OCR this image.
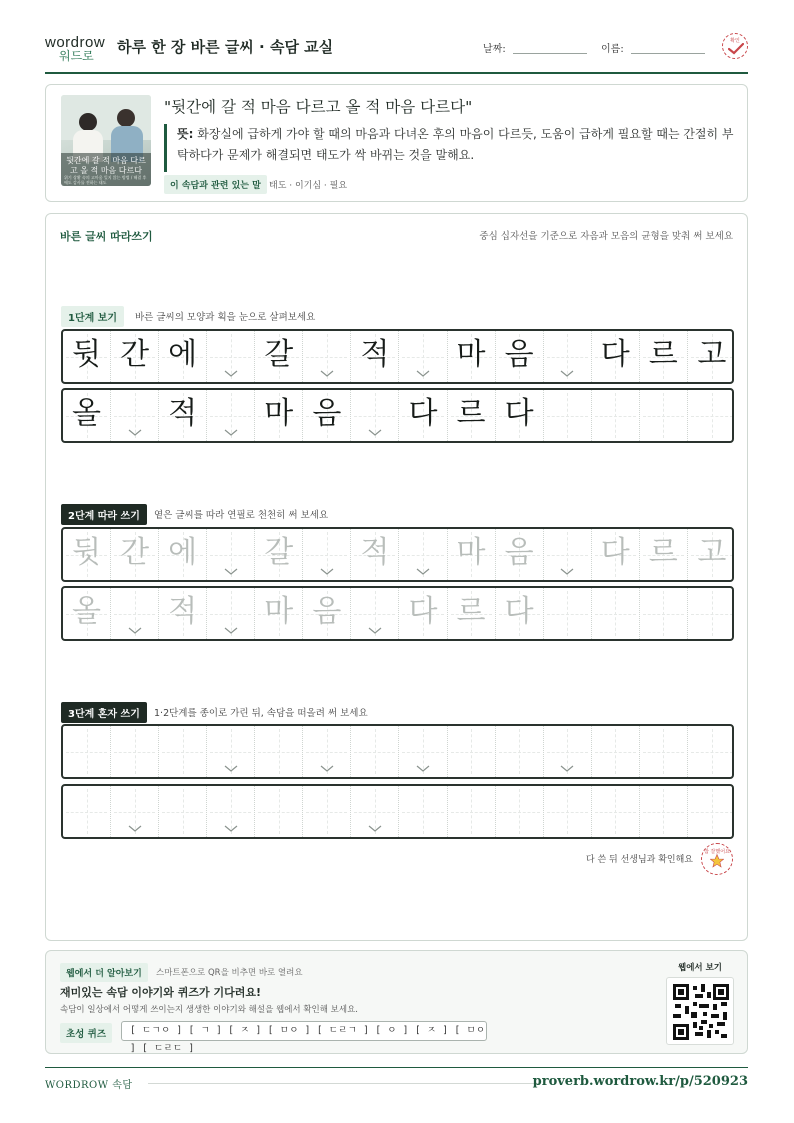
wordrow
워드로 하루 한 장 바른 글씨 · 속담 교실	날짜:	이름:
확인
뒷간에 갈 적 마음 다르고 올 적 마음 다르다
위기 상황 속의 고마움 잊지 않는 방법 / 해결 후에도 감사를 전하는 태도
"뒷간에 갈 적 마음 다르고 올 적 마음 다르다"
뜻: 화장실에 급하게 가야 할 때의 마음과 다녀온 후의 마음이 다르듯, 도움이 급하게 필요할 때는 간절히 부탁하다가 문제가 해결되면 태도가 싹 바뀌는 것을 말해요.
이 속담과 관련 있는 말 태도 · 이기심 · 필요
바른 글씨 따라쓰기	중심 십자선을 기준으로 자음과 모음의 균형을 맞춰 써 보세요
1단계 보기	바른 글씨의 모양과 획을 눈으로 살펴보세요
뒷 간 에	갈	적	마 음	다 르 고
올	적	마 음	다 르 다
2단계 따라 쓰기	옅은 글씨를 따라 연필로 천천히 써 보세요
뒷 간 에	갈	적	마 음	다 르 고
올	적	마 음	다 르 다
3단계 혼자 쓰기	1·2단계를 종이로 가린 뒤, 속담을 떠올려 써 보세요
다 쓴 뒤 선생님과 확인해요
참 잘했어요
웹에서 더 알아보기	스마트폰으로 QR을 비추면 바로 열려요
재미있는 속담 이야기와 퀴즈가 기다려요!
속담이 일상에서 어떻게 쓰이는지 생생한 이야기와 해설을 웹에서 확인해 보세요.
초성 퀴즈	[ ㄷㄱㅇ ] [ ㄱ ] [ ㅈ ] [ ㅁㅇ ] [ ㄷㄹㄱ ] [ ㅇ ] [ ㅈ ] [ ㅁㅇ ] [ ㄷㄹㄷ ]
웹에서 보기
WORDROW 속담	proverb.wordrow.kr/p/520923
